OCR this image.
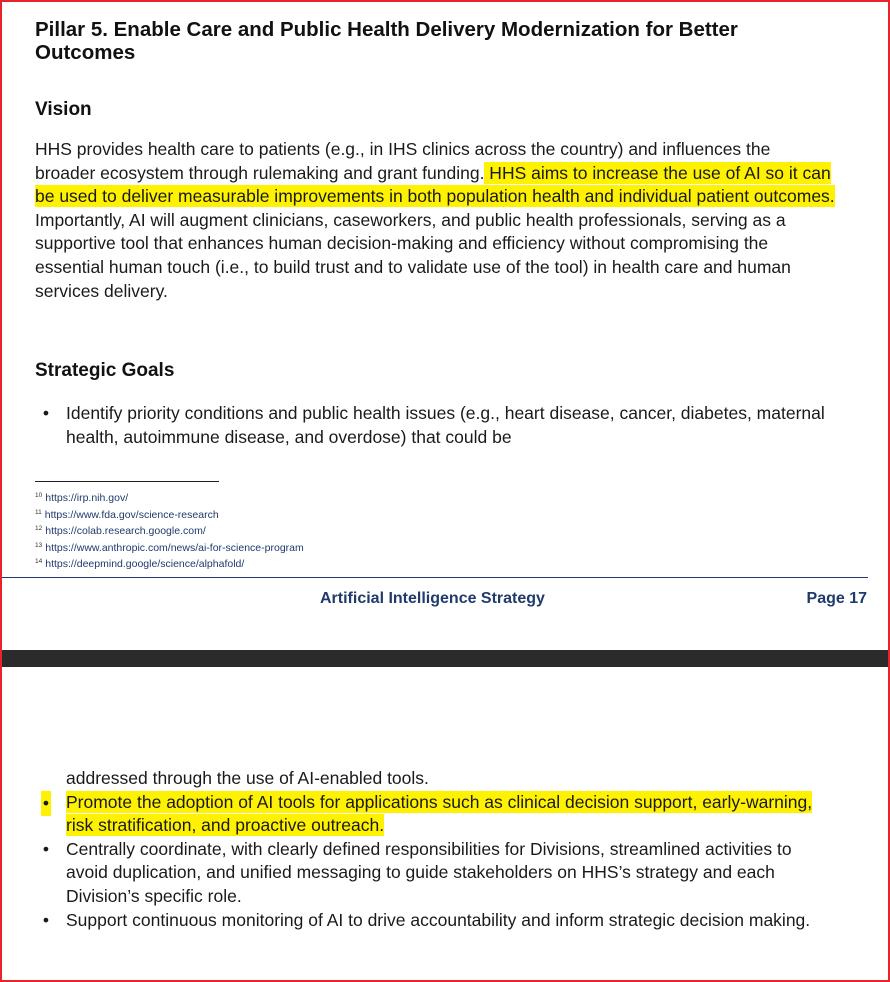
Pillar 5. Enable Care and Public Health Delivery Modernization for Better Outcomes
Vision

HHS provides health care to patients (e.g., in IHS clinics across the country) and influences the broader ecosystem through rulemaking and grant funding. HHS aims to increase the use of AI so it can be used to deliver measurable improvements in both population health and individual patient outcomes. Importantly, AI will augment clinicians, caseworkers, and public health professionals, serving as a supportive tool that enhances human decision-making and efficiency without compromising the essential human touch (i.e., to build trust and to validate use of the tool) in health care and human services delivery.

Strategic Goals
• Identify priority conditions and public health issues (e.g., heart disease, cancer, diabetes, maternal health, autoimmune disease, and overdose) that could be
$^{10}$ https://irp.nih.gov/
$^{11}$ https://www.fda.gov/science-research
$^{12}$ https://colab.research.google.com/
$^{13}$ https://www.anthropic.com/news/ai-for-science-program
$^{14}$ https://deepmind.google/science/alphafold/
Artificial Intelligence Strategy	Page 17
addressed through the use of AI-enabled tools.
• Promote the adoption of AI tools for applications such as clinical decision support, early-warning, risk stratification, and proactive outreach.
• Centrally coordinate, with clearly defined responsibilities for Divisions, streamlined activities to avoid duplication, and unified messaging to guide stakeholders on HHS’s strategy and each Division’s specific role.
• Support continuous monitoring of AI to drive accountability and inform strategic decision making.
